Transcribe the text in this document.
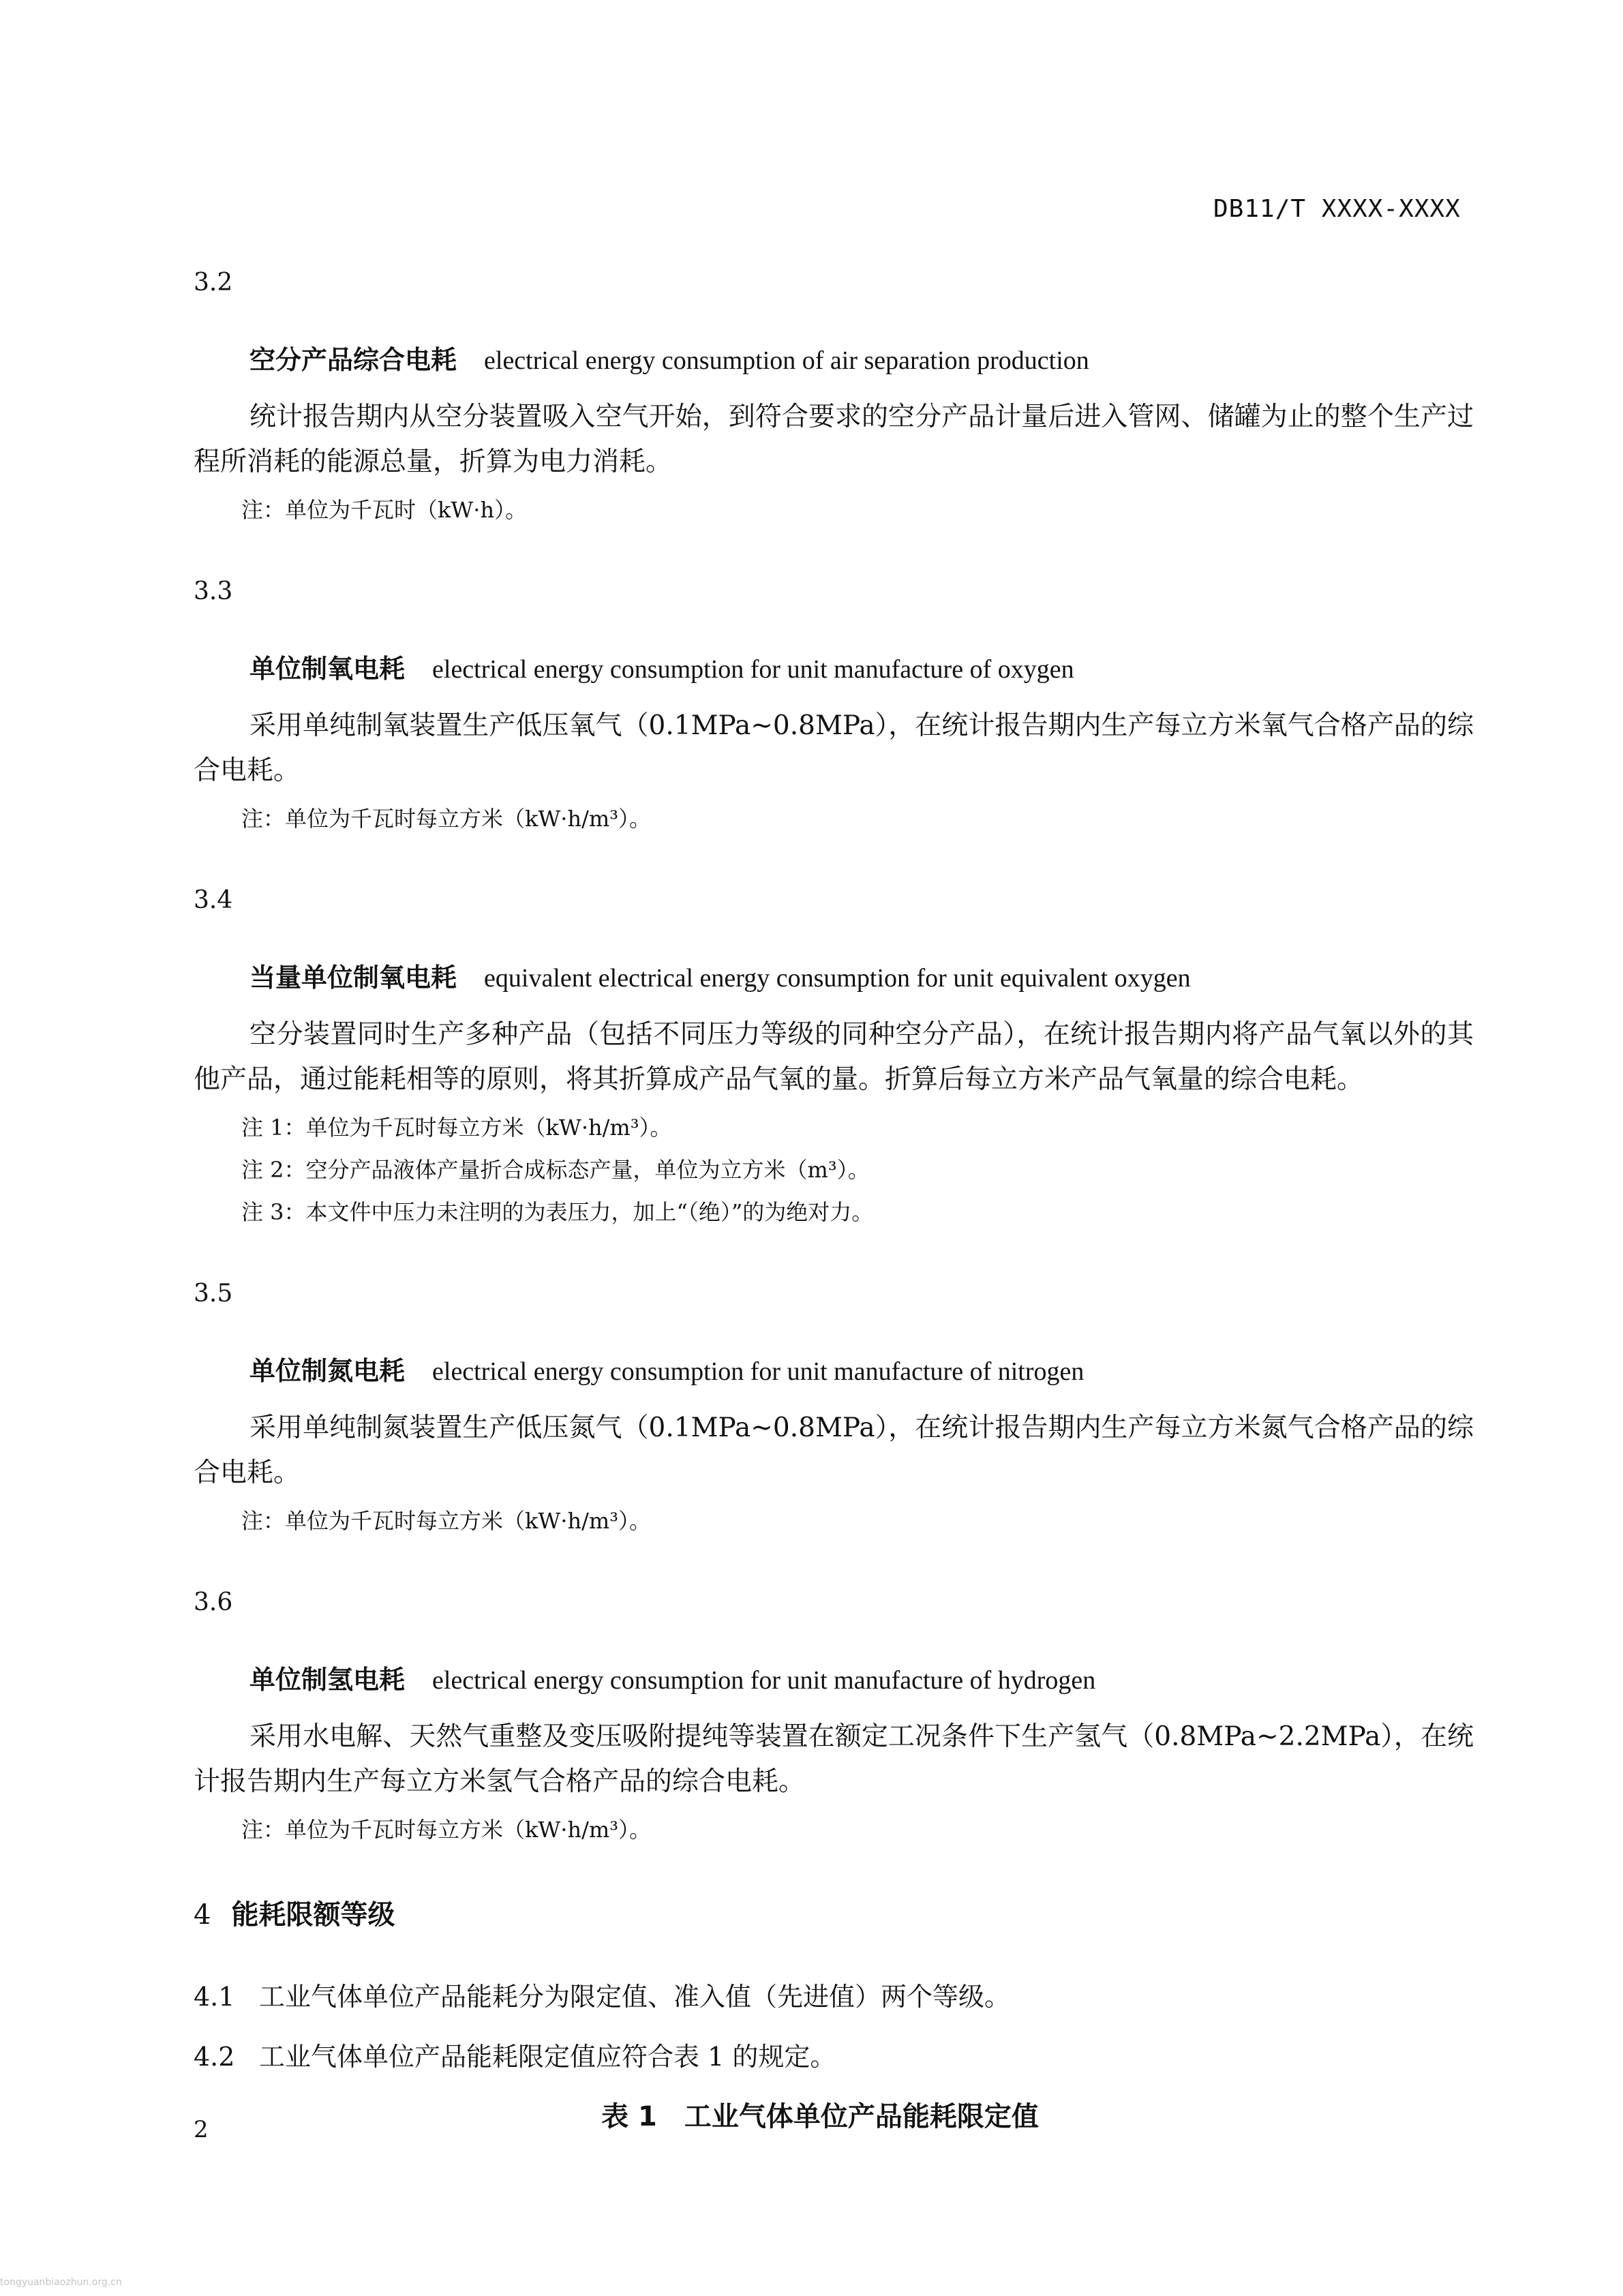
DB11/T XXXX-XXXX
3.2
空分产品综合电耗 electrical energy consumption of air separation production

统计报告期内从空分装置吸入空气开始，到符合要求的空分产品计量后进入管网、储罐为止的整个生产过程所消耗的能源总量，折算为电力消耗。

注：单位为千瓦时（kW·h）。
3.3
单位制氧电耗 electrical energy consumption for unit manufacture of oxygen

采用单纯制氧装置生产低压氧气（0.1MPa~0.8MPa），在统计报告期内生产每立方米氧气合格产品的综合电耗。

注：单位为千瓦时每立方米（kW·h/m³）。
3.4
当量单位制氧电耗 equivalent electrical energy consumption for unit equivalent oxygen

空分装置同时生产多种产品（包括不同压力等级的同种空分产品），在统计报告期内将产品气氧以外的其他产品，通过能耗相等的原则，将其折算成产品气氧的量。折算后每立方米产品气氧量的综合电耗。

注 1：单位为千瓦时每立方米（kW·h/m³）。
注 2：空分产品液体产量折合成标态产量，单位为立方米（m³）。
注 3：本文件中压力未注明的为表压力，加上“（绝）”的为绝对力。
3.5
单位制氮电耗 electrical energy consumption for unit manufacture of nitrogen

采用单纯制氮装置生产低压氮气（0.1MPa~0.8MPa），在统计报告期内生产每立方米氮气合格产品的综合电耗。

注：单位为千瓦时每立方米（kW·h/m³）。
3.6
单位制氢电耗 electrical energy consumption for unit manufacture of hydrogen

采用水电解、天然气重整及变压吸附提纯等装置在额定工况条件下生产氢气（0.8MPa~2.2MPa），在统计报告期内生产每立方米氢气合格产品的综合电耗。

注：单位为千瓦时每立方米（kW·h/m³）。
4 能耗限额等级
4.1 工业气体单位产品能耗分为限定值、准入值（先进值）两个等级。
4.2 工业气体单位产品能耗限定值应符合表 1 的规定。
表 1 工业气体单位产品能耗限定值
2
tongyuanbiaozhun.org.cn
